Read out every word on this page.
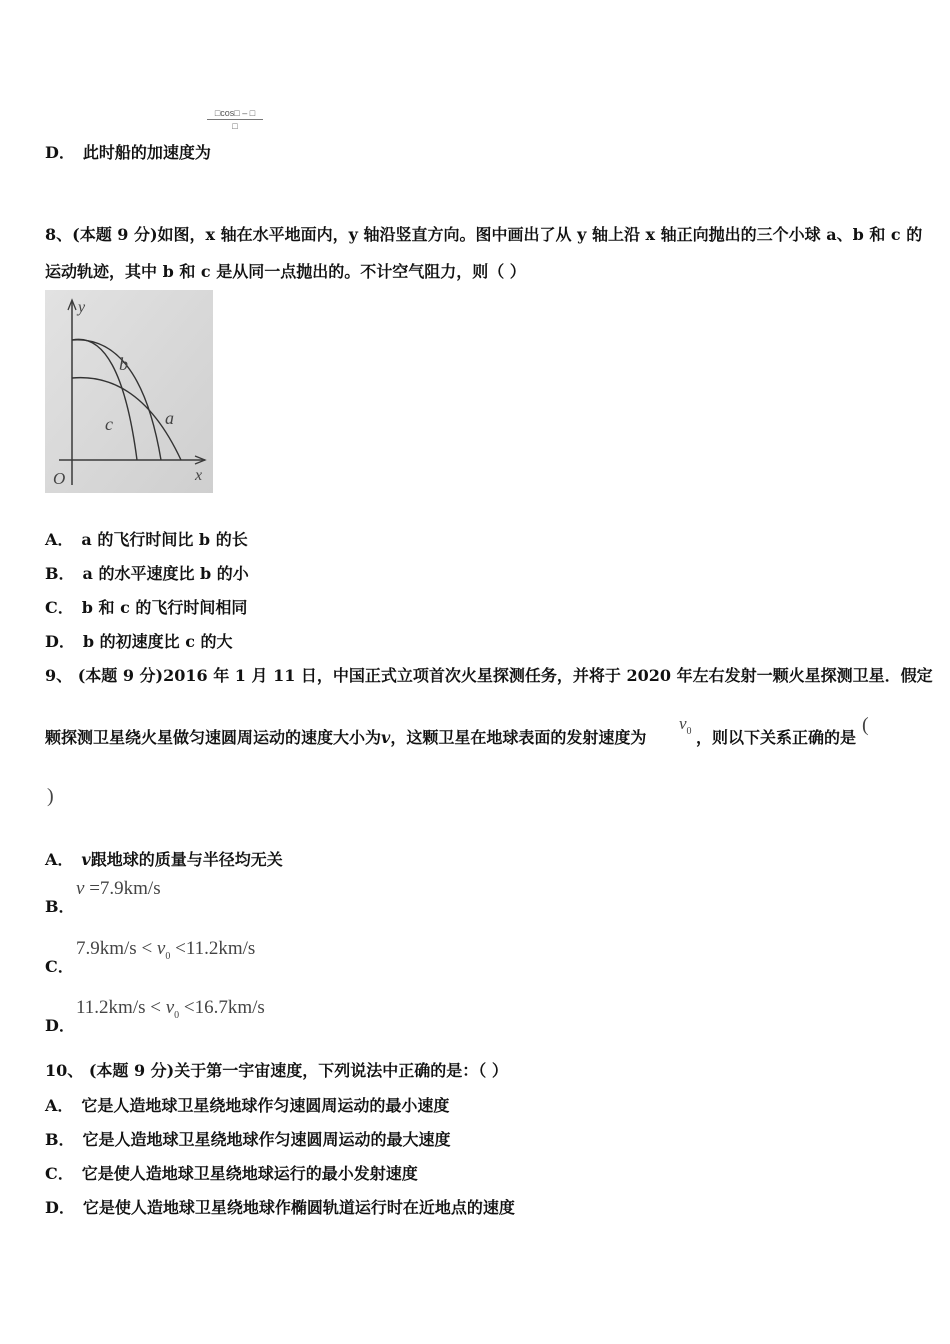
□cos□ – □
□
D． 此时船的加速度为
8、(本题 9 分)如图，x 轴在水平地面内，y 轴沿竖直方向。图中画出了从 y 轴上沿 x 轴正向抛出的三个小球 a、b 和 c 的
运动轨迹，其中 b 和 c 是从同一点抛出的。不计空气阻力，则（ ）
y
x
O
b
a
c
A． a 的飞行时间比 b 的长
B． a 的水平速度比 b 的小
C． b 和 c 的飞行时间相同
D． b 的初速度比 c 的大
9、 (本题 9 分)2016 年 1 月 11 日，中国正式立项首次火星探测任务，并将于 2020 年左右发射一颗火星探测卫星．假定
颗探测卫星绕火星做匀速圆周运动的速度大小为v，这颗卫星在地球表面的发射速度为
$v_0$ ，则以下关系正确的是
(
)
A． v跟地球的质量与半径均无关
B．
v =7.9km/s
C．
$7.9km/s < v_0 <11.2km/s$
D．
$11.2km/s < v_0 <16.7km/s$
10、 (本题 9 分)关于第一宇宙速度，下列说法中正确的是：（ ）
A． 它是人造地球卫星绕地球作匀速圆周运动的最小速度
B． 它是人造地球卫星绕地球作匀速圆周运动的最大速度
C． 它是使人造地球卫星绕地球运行的最小发射速度
D． 它是使人造地球卫星绕地球作椭圆轨道运行时在近地点的速度
